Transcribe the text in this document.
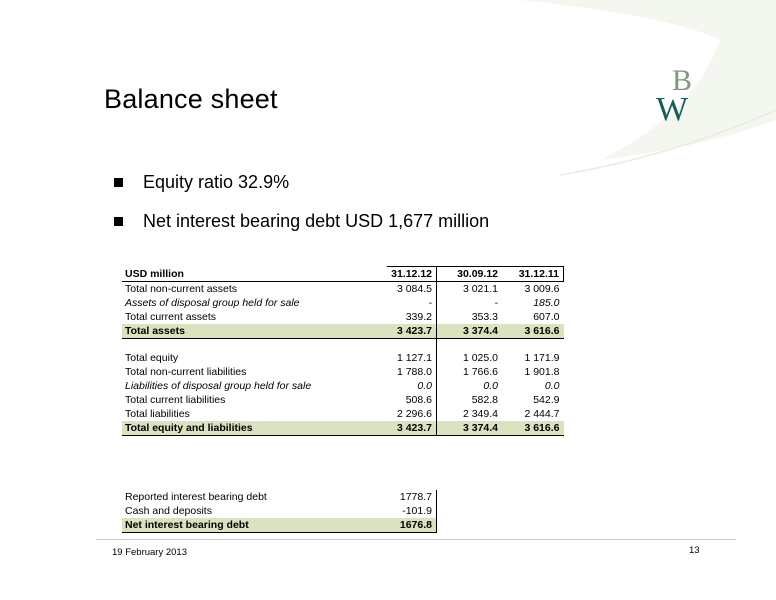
B
W
Balance sheet
Equity ratio 32.9%
Net interest bearing debt USD 1,677 million
USD million	31.12.12	30.09.12	31.12.11
Total non-current assets	3 084.5	3 021.1	3 009.6
Assets of disposal group held for sale	-	-	185.0
Total current assets	339.2	353.3	607.0
Total assets	3 423.7	3 374.4	3 616.6

Total equity	1 127.1	1 025.0	1 171.9
Total non-current liabilities	1 788.0	1 766.6	1 901.8
Liabilities of disposal group held for sale	0.0	0.0	0.0
Total current liabilities	508.6	582.8	542.9
Total liabilities	2 296.6	2 349.4	2 444.7
Total equity and liabilities	3 423.7	3 374.4	3 616.6
Reported interest bearing debt	1778.7
Cash and deposits	-101.9
Net interest bearing debt	1676.8
19 February 2013	13
